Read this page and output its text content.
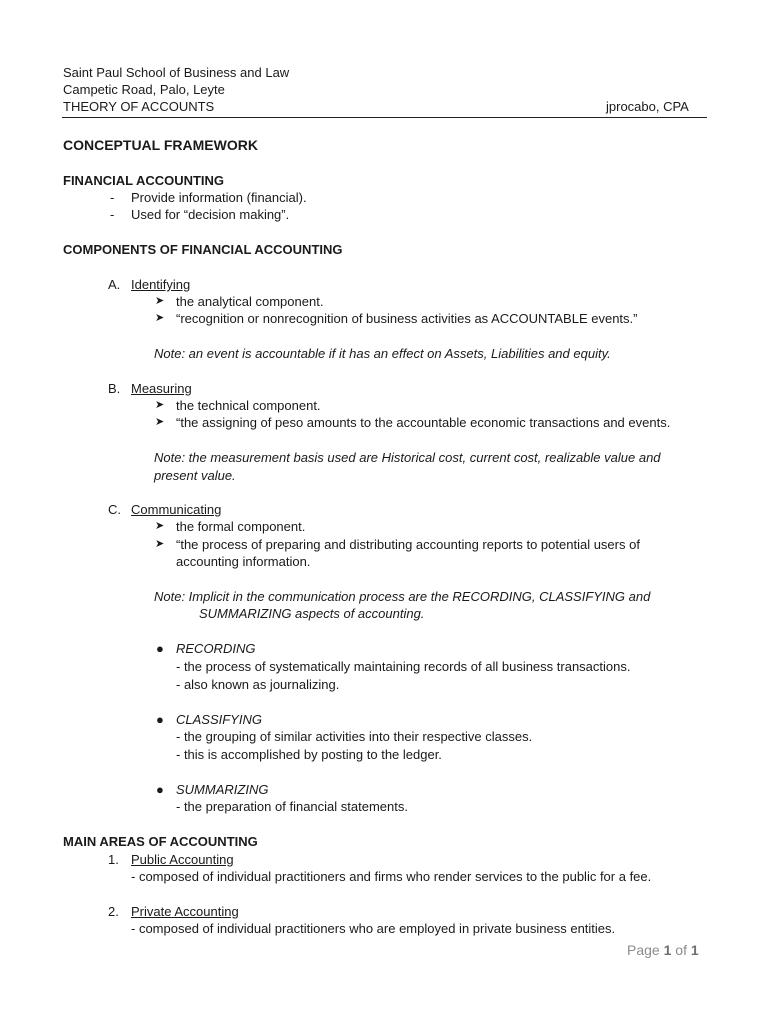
Saint Paul School of Business and Law
Campetic Road, Palo, Leyte
THEORY OF ACCOUNTS	jprocabo, CPA
CONCEPTUAL FRAMEWORK
FINANCIAL ACCOUNTING
- Provide information (financial).
- Used for “decision making”.
COMPONENTS OF FINANCIAL ACCOUNTING
A. Identifying
➤ the analytical component.
➤ “recognition or nonrecognition of business activities as ACCOUNTABLE events.”
Note: an event is accountable if it has an effect on Assets, Liabilities and equity.
B. Measuring
➤ the technical component.
➤ “the assigning of peso amounts to the accountable economic transactions and events.
Note: the measurement basis used are Historical cost, current cost, realizable value and
present value.
C. Communicating
➤ the formal component.
➤ “the process of preparing and distributing accounting reports to potential users of
accounting information.
Note: Implicit in the communication process are the RECORDING, CLASSIFYING and
SUMMARIZING aspects of accounting.
● RECORDING
- the process of systematically maintaining records of all business transactions.
- also known as journalizing.
● CLASSIFYING
- the grouping of similar activities into their respective classes.
- this is accomplished by posting to the ledger.
● SUMMARIZING
- the preparation of financial statements.
MAIN AREAS OF ACCOUNTING
1. Public Accounting
- composed of individual practitioners and firms who render services to the public for a fee.
2. Private Accounting
- composed of individual practitioners who are employed in private business entities.
Page 1 of 1
